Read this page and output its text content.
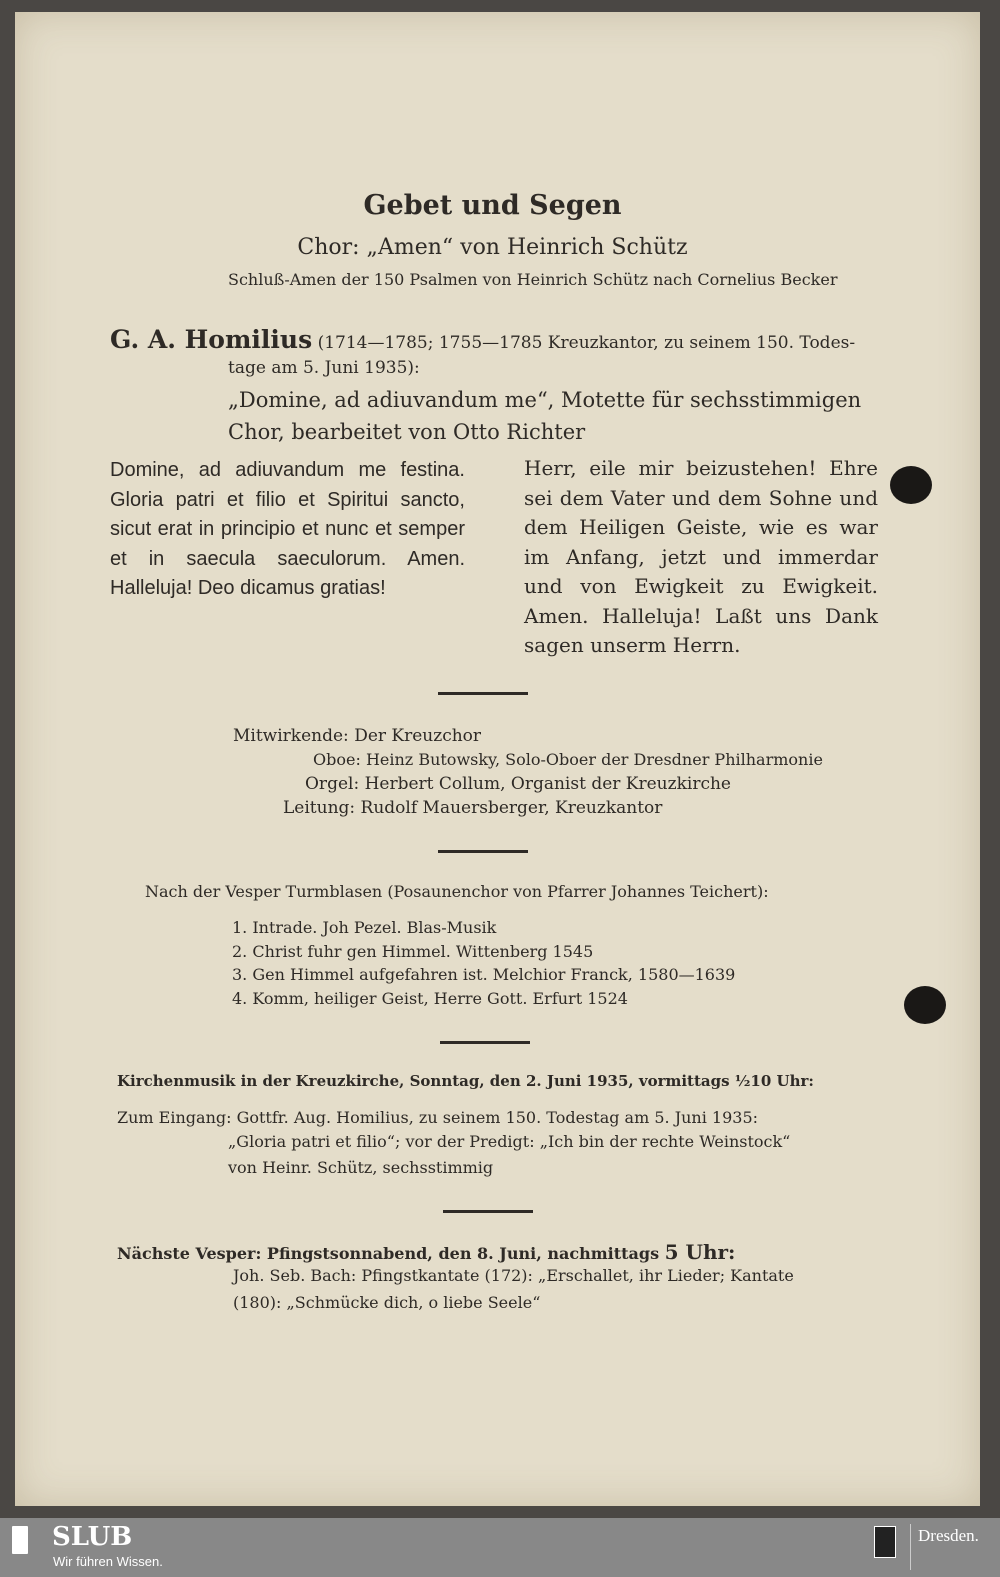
Gebet und Segen
Chor: „Amen“ von Heinrich Schütz
Schluß-Amen der 150 Psalmen von Heinrich Schütz nach Cornelius Becker
G. A. Homilius (1714—1785; 1755—1785 Kreuzkantor, zu seinem 150. Todes-
tage am 5. Juni 1935):
„Domine, ad adiuvandum me“, Motette für sechsstimmigen
Chor, bearbeitet von Otto Richter
Domine, ad adiuvandum me festina. Gloria patri et filio et Spiritui sancto, sicut erat in principio et nunc et semper et in saecula saeculorum. Amen. Halleluja! Deo dicamus gratias!
Herr, eile mir beizustehen! Ehre sei dem Vater und dem Sohne und dem Heiligen Geiste, wie es war im Anfang, jetzt und immerdar und von Ewigkeit zu Ewigkeit. Amen. Halleluja! Laßt uns Dank sagen unserm Herrn.
Mitwirkende: Der Kreuzchor
Oboe: Heinz Butowsky, Solo-Oboer der Dresdner Philharmonie
Orgel: Herbert Collum, Organist der Kreuzkirche
Leitung: Rudolf Mauersberger, Kreuzkantor
Nach der Vesper Turmblasen (Posaunenchor von Pfarrer Johannes Teichert):
1. Intrade. Joh Pezel. Blas-Musik
2. Christ fuhr gen Himmel. Wittenberg 1545
3. Gen Himmel aufgefahren ist. Melchior Franck, 1580—1639
4. Komm, heiliger Geist, Herre Gott. Erfurt 1524
Kirchenmusik in der Kreuzkirche, Sonntag, den 2. Juni 1935, vormittags ½10 Uhr:
Zum Eingang: Gottfr. Aug. Homilius, zu seinem 150. Todestag am 5. Juni 1935:
„Gloria patri et filio“; vor der Predigt: „Ich bin der rechte Weinstock“
von Heinr. Schütz, sechsstimmig
Nächste Vesper: Pfingstsonnabend, den 8. Juni, nachmittags 5 Uhr:
Joh. Seb. Bach: Pfingstkantate (172): „Erschallet, ihr Lieder; Kantate
(180): „Schmücke dich, o liebe Seele“
SLUB
Wir führen Wissen.
Dresden.
